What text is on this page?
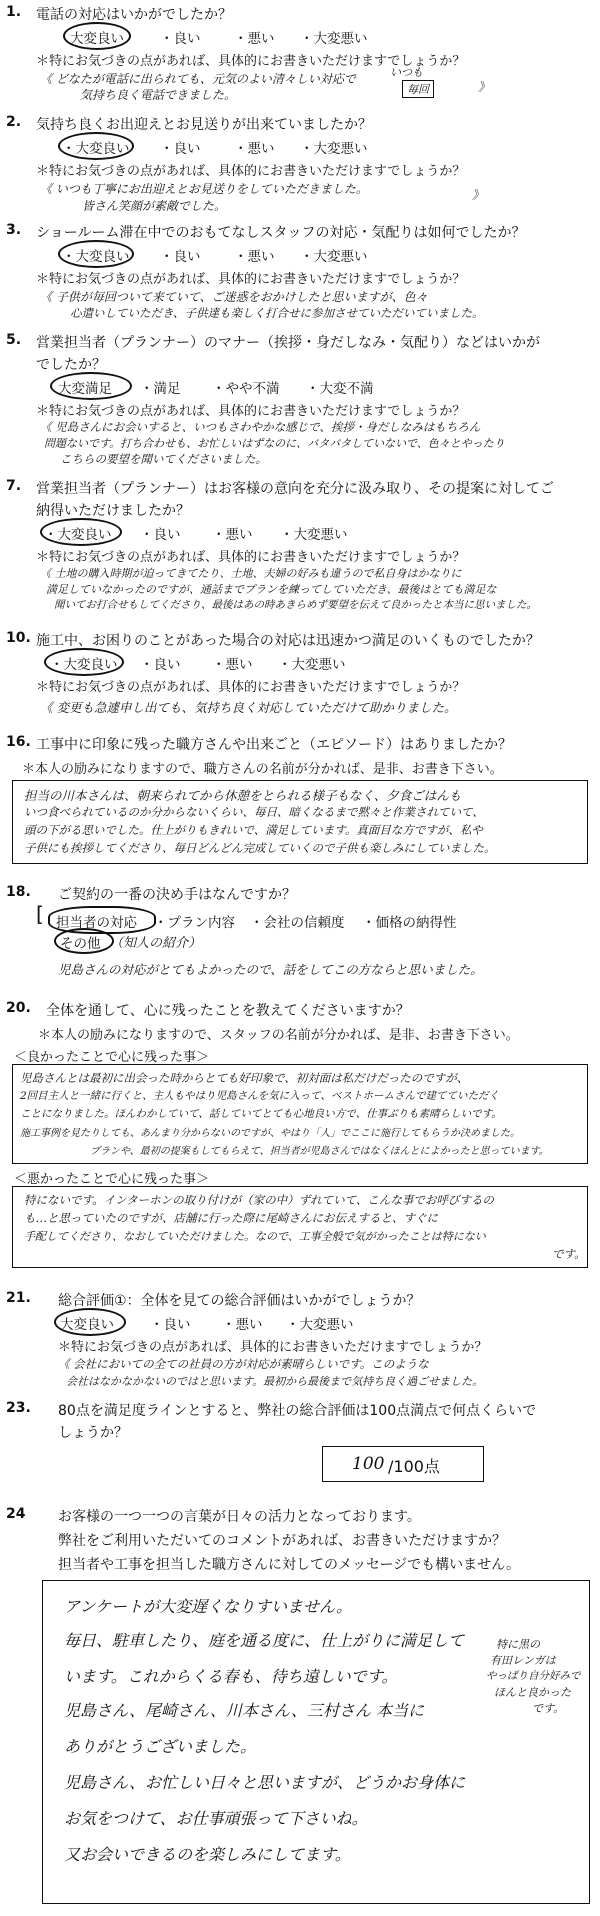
1. 電話の対応はいかがでしたか？
大変良い	・良い ・悪い ・大変悪い
＊特にお気づきの点があれば、具体的にお書きいただけますでしょうか？
《 どなたが電話に出られても、元気のよい清々しい対応で	いつも
毎回
気持ち良く電話できました。
》
2. 気持ち良くお出迎えとお見送りが出来ていましたか？
・大変良い ・良い ・悪い ・大変悪い
＊特にお気づきの点があれば、具体的にお書きいただけますでしょうか？
《 いつも丁寧にお出迎えとお見送りをしていただきました。
皆さん笑顔が素敵でした。
》
3. ショールーム滞在中でのおもてなしスタッフの対応・気配りは如何でしたか？
・大変良い ・良い ・悪い ・大変悪い
＊特にお気づきの点があれば、具体的にお書きいただけますでしょうか？
《 子供が毎回ついて来ていて、ご迷惑をおかけしたと思いますが、色々
心遣いしていただき、子供達も楽しく打合せに参加させていただいていました。
5. 営業担当者（プランナー）のマナー（挨拶・身だしなみ・気配り）などはいかが
でしたか？
大変満足 ・満足 ・やや不満 ・大変不満
＊特にお気づきの点があれば、具体的にお書きいただけますでしょうか？
《 児島さんにお会いすると、いつもさわやかな感じで、挨拶・身だしなみはもちろん
問題ないです。打ち合わせも、お忙しいはずなのに、バタバタしていないで、色々とやったり
こちらの要望を聞いてくださいました。
7. 営業担当者（プランナー）はお客様の意向を充分に汲み取り、その提案に対してご
納得いただけましたか？
・大変良い ・良い ・悪い ・大変悪い
＊特にお気づきの点があれば、具体的にお書きいただけますでしょうか？
《 土地の購入時期が迫ってきてたり、土地、夫婦の好みも違うので私自身はかなりに
満足していなかったのですが、通話までプランを練ってしていただき、最後はとても満足な
聞いてお打合せもしてくださり、最後はあの時あきらめず要望を伝えて良かったと本当に思いました。
10. 施工中、お困りのことがあった場合の対応は迅速かつ満足のいくものでしたか？
・大変良い ・良い ・悪い ・大変悪い
＊特にお気づきの点があれば、具体的にお書きいただけますでしょうか？
《 変更も急遽申し出ても、気持ち良く対応していただけて助かりました。
16. 工事中に印象に残った職方さんや出来ごと（エピソード）はありましたか？
＊本人の励みになりますので、職方さんの名前が分かれば、是非、お書き下さい。
担当の川本さんは、朝来られてから休憩をとられる様子もなく、夕食ごはんも
いつ食べられているのか分からないくらい、毎日、暗くなるまで黙々と作業されていて、
頭の下がる思いでした。仕上がりもきれいで、満足しています。真面目な方ですが、私や
子供にも挨拶してくださり、毎日どんどん完成していくので子供も楽しみにしていました。
18. ご契約の一番の決め手はなんですか？
[ 担当者の対応 ・プラン内容 ・会社の信頼度 ・価格の納得性
その他 （知人の紹介）
児島さんの対応がとてもよかったので、話をしてこの方ならと思いました。
20. 全体を通して、心に残ったことを教えてくださいますか？
＊本人の励みになりますので、スタッフの名前が分かれば、是非、お書き下さい。
＜良かったことで心に残った事＞
児島さんとは最初に出会った時からとても好印象で、初対面は私だけだったのですが、
2回目主人と一緒に行くと、主人もやはり児島さんを気に入って、ベストホームさんで建てていただく
ことになりました。ほんわかしていて、話していてとても心地良い方で、仕事ぶりも素晴らしいです。
施工事例を見たりしても、あんまり分からないのですが、やはり「人」でここに施行してもらうか決めました。
プランや、最初の提案もしてもらえて、担当者が児島さんではなくほんとによかったと思っています。
＜悪かったことで心に残った事＞
特にないです。インターホンの取り付けが（家の中）ずれていて、こんな事でお呼びするの
も…と思っていたのですが、店舗に行った際に尾崎さんにお伝えすると、すぐに
手配してくださり、なおしていただけました。なので、工事全般で気がかったことは特にない
です。
21. 総合評価①：全体を見ての総合評価はいかがでしょうか？
大変良い	・良い ・悪い ・大変悪い
＊特にお気づきの点があれば、具体的にお書きいただけますでしょうか？
《 会社においての全ての社員の方が対応が素晴らしいです。このような
会社はなかなかないのではと思います。最初から最後まで気持ち良く過ごせました。
23. 80点を満足度ラインとすると、弊社の総合評価は100点満点で何点くらいで
しょうか？
100 /100点
24 お客様の一つ一つの言葉が日々の活力となっております。
弊社をご利用いただいてのコメントがあれば、お書きいただけますか？
担当者や工事を担当した職方さんに対してのメッセージでも構いません。
アンケートが大変遅くなりすいません。
毎日、駐車したり、庭を通る度に、仕上がりに満足して
います。これからくる春も、待ち遠しいです。
児島さん、尾崎さん、川本さん、三村さん 本当に
ありがとうございました。
児島さん、お忙しい日々と思いますが、どうかお身体に
お気をつけて、お仕事頑張って下さいね。
又お会いできるのを楽しみにしてます。
特に黒の
有田レンガは
やっぱり自分好みで
ほんと良かった
です。
